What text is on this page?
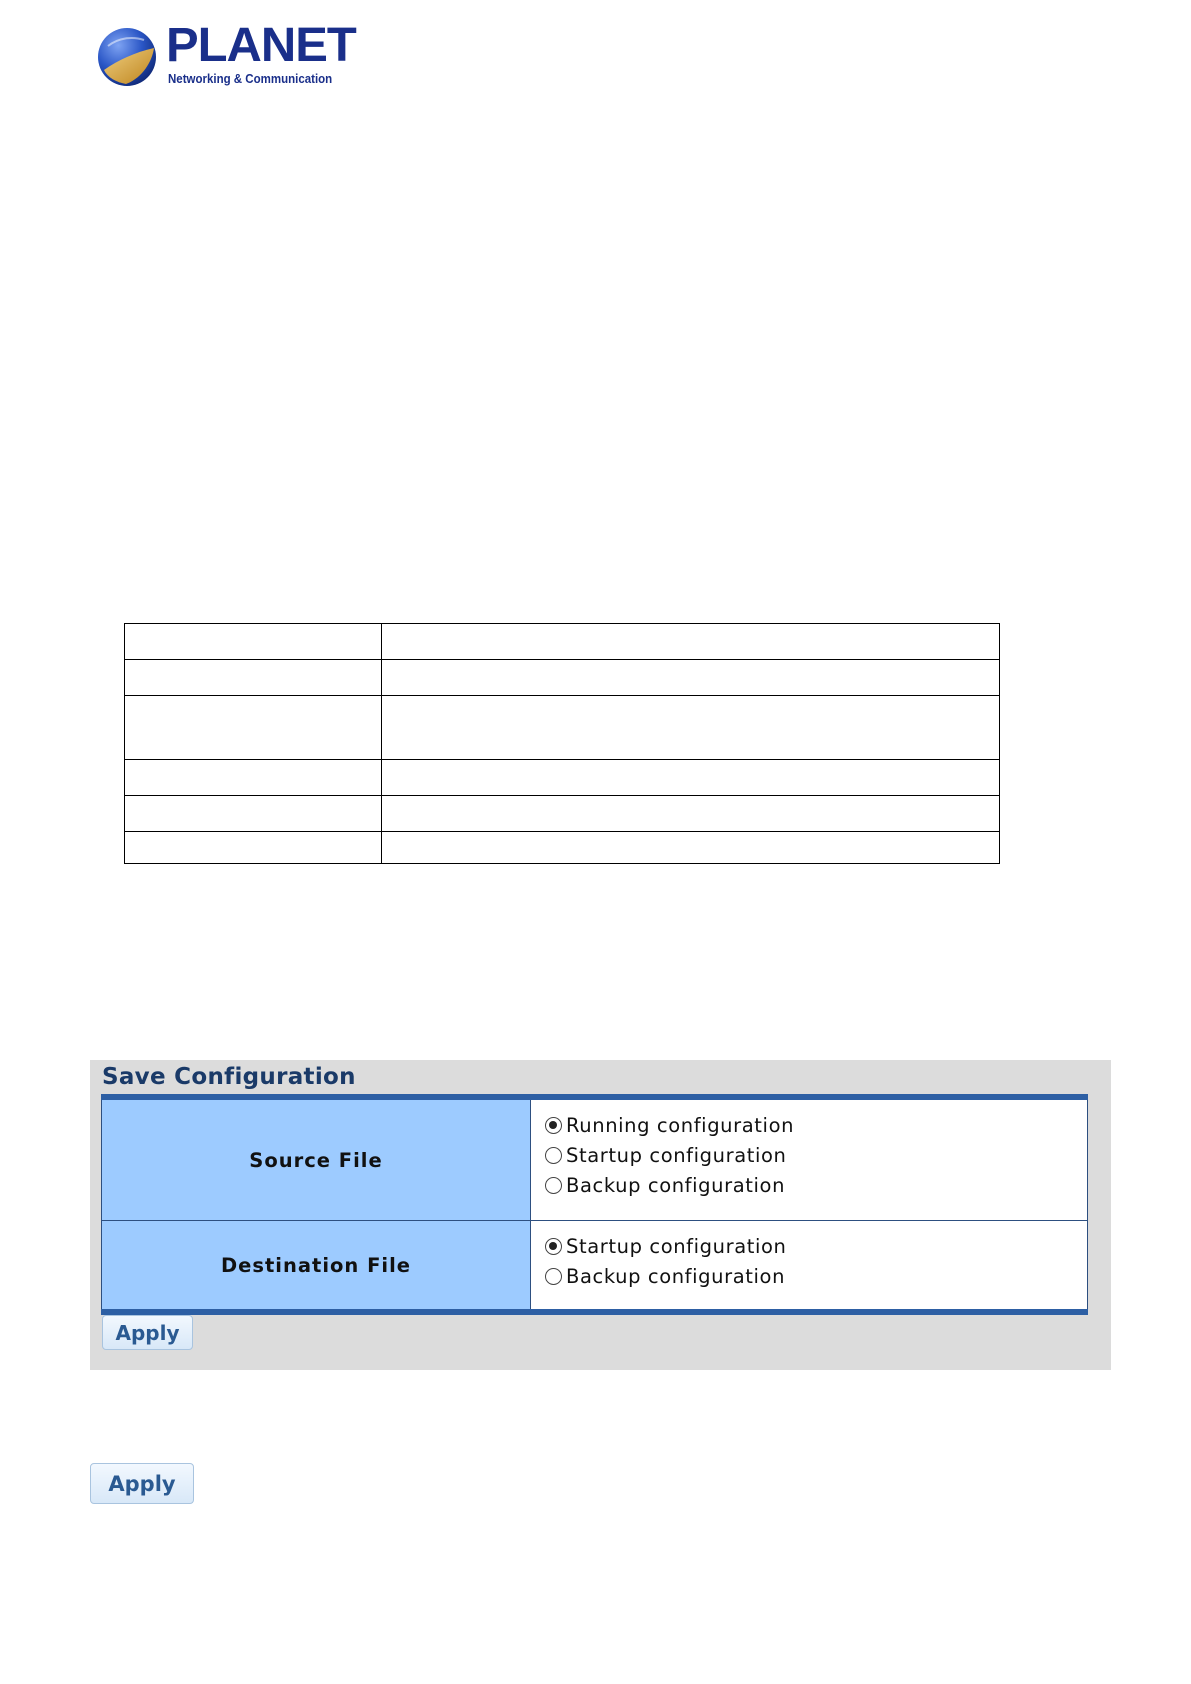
PLANET
Networking & Communication

Save Configuration
Source File	Running configuration
Startup configuration
Backup configuration

Destination File	Startup configuration
Backup configuration
Apply
Apply
